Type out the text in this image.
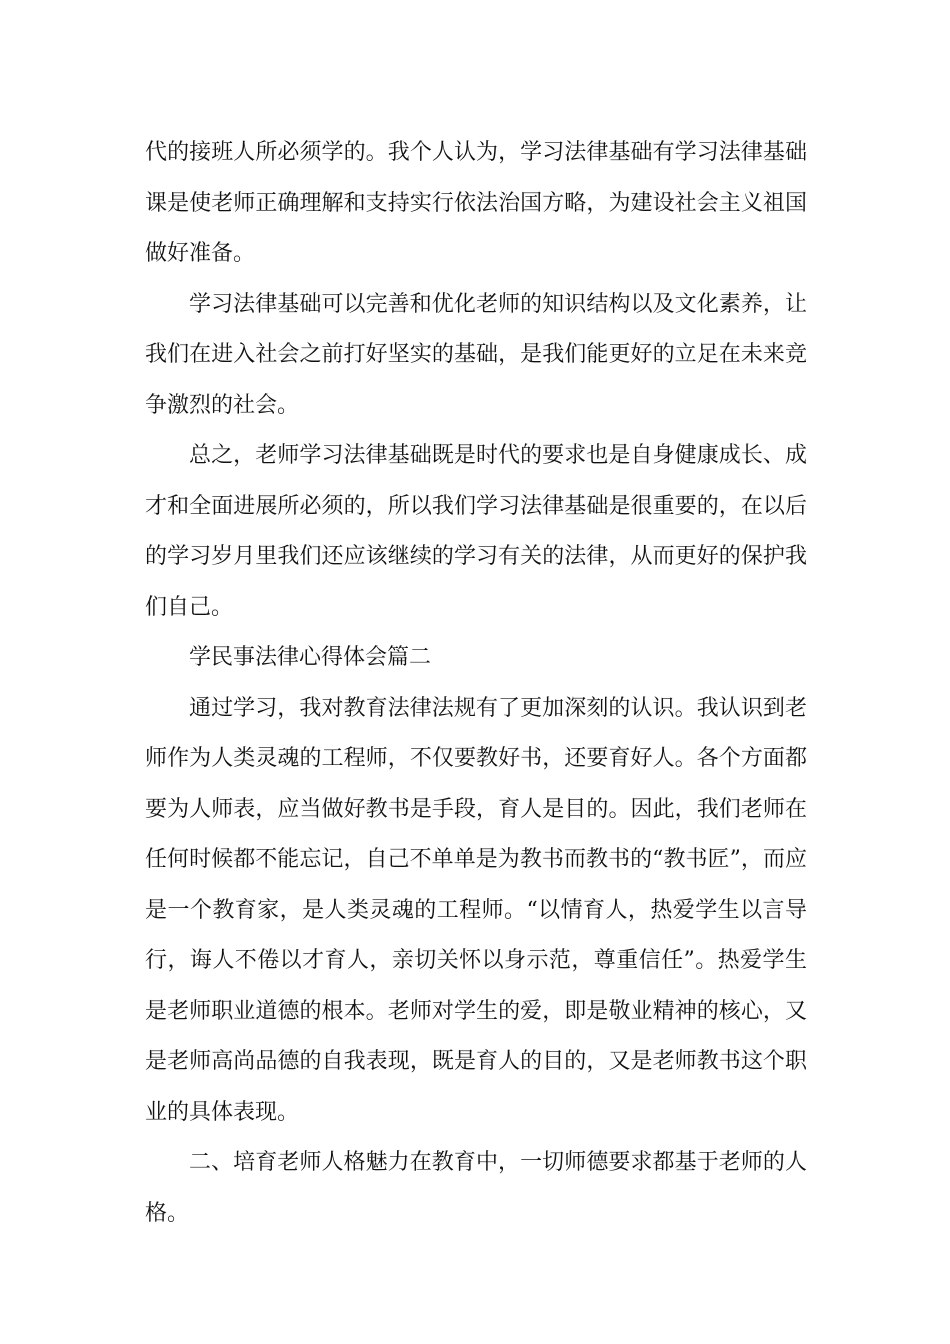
代的接班人所必须学的。我个人认为，学习法律基础有学习法律基础课是使老师正确理解和支持实行依法治国方略，为建设社会主义祖国做好准备。

学习法律基础可以完善和优化老师的知识结构以及文化素养，让我们在进入社会之前打好坚实的基础，是我们能更好的立足在未来竞争激烈的社会。

总之，老师学习法律基础既是时代的要求也是自身健康成长、成才和全面进展所必须的，所以我们学习法律基础是很重要的，在以后的学习岁月里我们还应该继续的学习有关的法律，从而更好的保护我们自己。

学民事法律心得体会篇二

通过学习，我对教育法律法规有了更加深刻的认识。我认识到老师作为人类灵魂的工程师，不仅要教好书，还要育好人。各个方面都要为人师表，应当做好教书是手段，育人是目的。因此，我们老师在任何时候都不能忘记，自己不单单是为教书而教书的“教书匠”，而应是一个教育家，是人类灵魂的工程师。“以情育人，热爱学生以言导行，诲人不倦以才育人，亲切关怀以身示范，尊重信任”。热爱学生是老师职业道德的根本。老师对学生的爱，即是敬业精神的核心，又是老师高尚品德的自我表现，既是育人的目的，又是老师教书这个职业的具体表现。

二、培育老师人格魅力在教育中，一切师德要求都基于老师的人格。
